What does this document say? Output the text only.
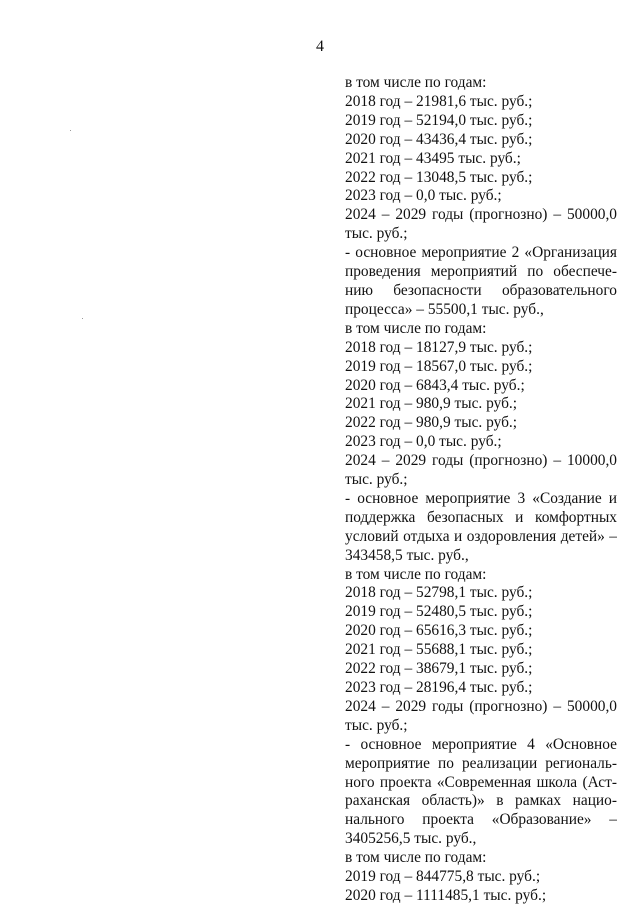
4
в том числе по годам:
2018 год – 21981,6 тыс. руб.;
2019 год – 52194,0 тыс. руб.;
2020 год – 43436,4 тыс. руб.;
2021 год – 43495 тыс. руб.;
2022 год – 13048,5 тыс. руб.;
2023 год – 0,0 тыс. руб.;
2024 – 2029 годы (прогнозно) – 50000,0
тыс. руб.;
- основное мероприятие 2 «Организация
проведения мероприятий по обеспече-
нию безопасности образовательного
процесса» – 55500,1 тыс. руб.,
в том числе по годам:
2018 год – 18127,9 тыс. руб.;
2019 год – 18567,0 тыс. руб.;
2020 год – 6843,4 тыс. руб.;
2021 год – 980,9 тыс. руб.;
2022 год – 980,9 тыс. руб.;
2023 год – 0,0 тыс. руб.;
2024 – 2029 годы (прогнозно) – 10000,0
тыс. руб.;
- основное мероприятие 3 «Создание и
поддержка безопасных и комфортных
условий отдыха и оздоровления детей» –
343458,5 тыс. руб.,
в том числе по годам:
2018 год – 52798,1 тыс. руб.;
2019 год – 52480,5 тыс. руб.;
2020 год – 65616,3 тыс. руб.;
2021 год – 55688,1 тыс. руб.;
2022 год – 38679,1 тыс. руб.;
2023 год – 28196,4 тыс. руб.;
2024 – 2029 годы (прогнозно) – 50000,0
тыс. руб.;
- основное мероприятие 4 «Основное
мероприятие по реализации региональ-
ного проекта «Современная школа (Аст-
раханская область)» в рамках нацио-
нального проекта «Образование» –
3405256,5 тыс. руб.,
в том числе по годам:
2019 год – 844775,8 тыс. руб.;
2020 год – 1111485,1 тыс. руб.;
